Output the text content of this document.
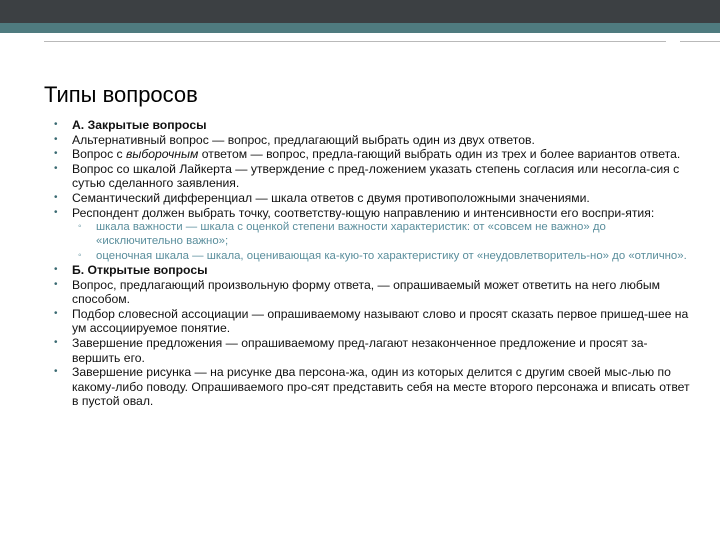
Типы вопросов
•	А. Закрытые вопросы
•	Альтернативный вопрос — вопрос, предлагающий выбрать один из двух ответов.
•	Вопрос с выборочным ответом — вопрос, предла-гающий выбрать один из трех и более вариантов ответа.
•	Вопрос со шкалой Лайкерта — утверждение с пред-ложением указать степень согласия или несогла-сия с сутью сделанного заявления.
•	Семантический дифференциал — шкала ответов с двумя противоположными значениями.
•	Респондент должен выбрать точку, соответству-ющую направлению и интенсивности его воспри-ятия:
◦	шкала важности — шкала с оценкой степени важности характеристик: от «совсем не важно» до «исключительно важно»;
◦	оценочная шкала — шкала, оценивающая ка-кую-то характеристику от «неудовлетворитель-но» до «отлично».
•	Б. Открытые вопросы
•	Вопрос, предлагающий произвольную форму ответа, — опрашиваемый может ответить на него любым способом.
•	Подбор словесной ассоциации — опрашиваемому называют слово и просят сказать первое пришед-шее на ум ассоциируемое понятие.
•	Завершение предложения — опрашиваемому пред-лагают незаконченное предложение и просят за-вершить его.
•	Завершение рисунка — на рисунке два персона-жа, один из которых делится с другим своей мыс-лью по какому-либо поводу. Опрашиваемого про-сят представить себя на месте второго персонажа и вписать ответ в пустой овал.
